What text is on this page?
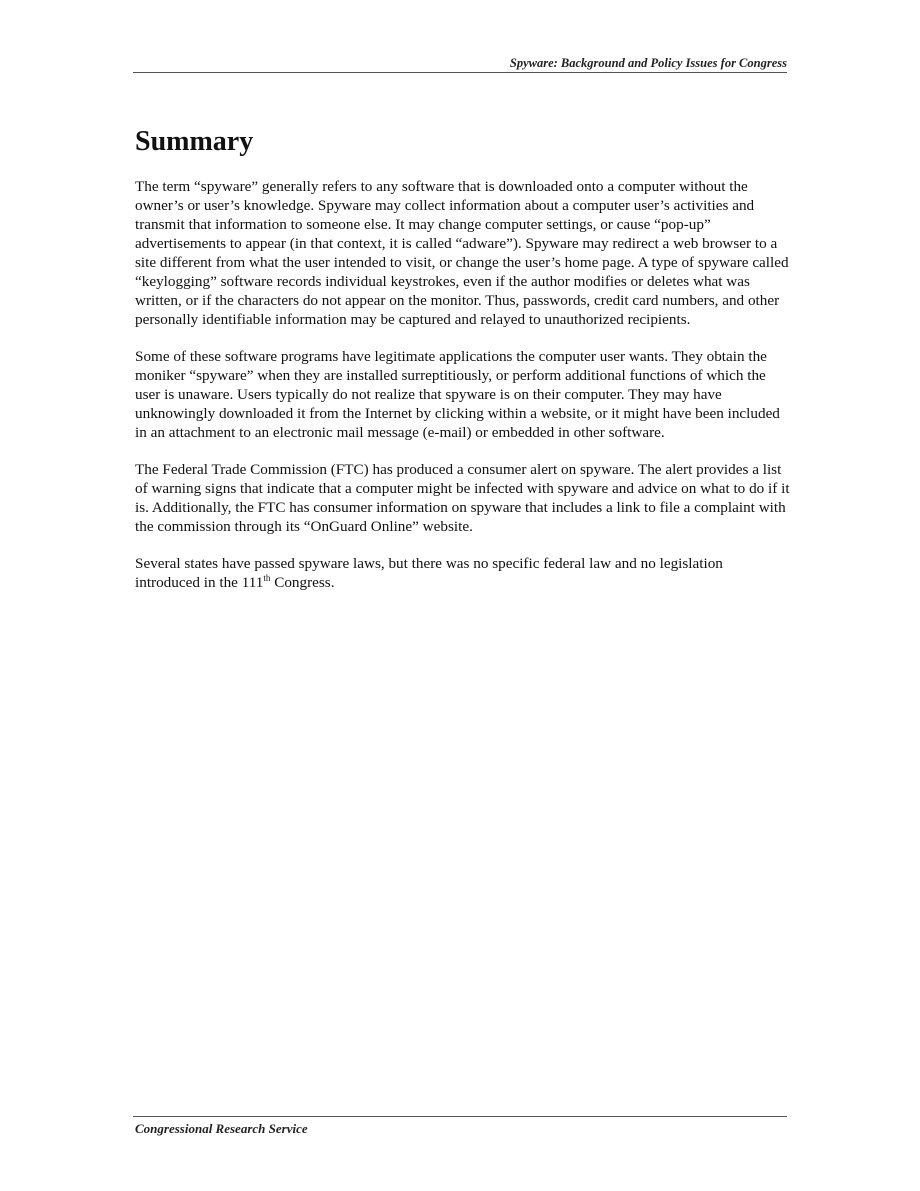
Spyware: Background and Policy Issues for Congress
Summary

The term “spyware” generally refers to any software that is downloaded onto a computer without the owner’s or user’s knowledge. Spyware may collect information about a computer user’s activities and transmit that information to someone else. It may change computer settings, or cause “pop-up” advertisements to appear (in that context, it is called “adware”). Spyware may redirect a web browser to a site different from what the user intended to visit, or change the user’s home page. A type of spyware called “keylogging” software records individual keystrokes, even if the author modifies or deletes what was written, or if the characters do not appear on the monitor. Thus, passwords, credit card numbers, and other personally identifiable information may be captured and relayed to unauthorized recipients.

Some of these software programs have legitimate applications the computer user wants. They obtain the moniker “spyware” when they are installed surreptitiously, or perform additional functions of which the user is unaware. Users typically do not realize that spyware is on their computer. They may have unknowingly downloaded it from the Internet by clicking within a website, or it might have been included in an attachment to an electronic mail message (e-mail) or embedded in other software.

The Federal Trade Commission (FTC) has produced a consumer alert on spyware. The alert provides a list of warning signs that indicate that a computer might be infected with spyware and advice on what to do if it is. Additionally, the FTC has consumer information on spyware that includes a link to file a complaint with the commission through its “OnGuard Online” website.

Several states have passed spyware laws, but there was no specific federal law and no legislation introduced in the 111th Congress.

Congressional Research Service
